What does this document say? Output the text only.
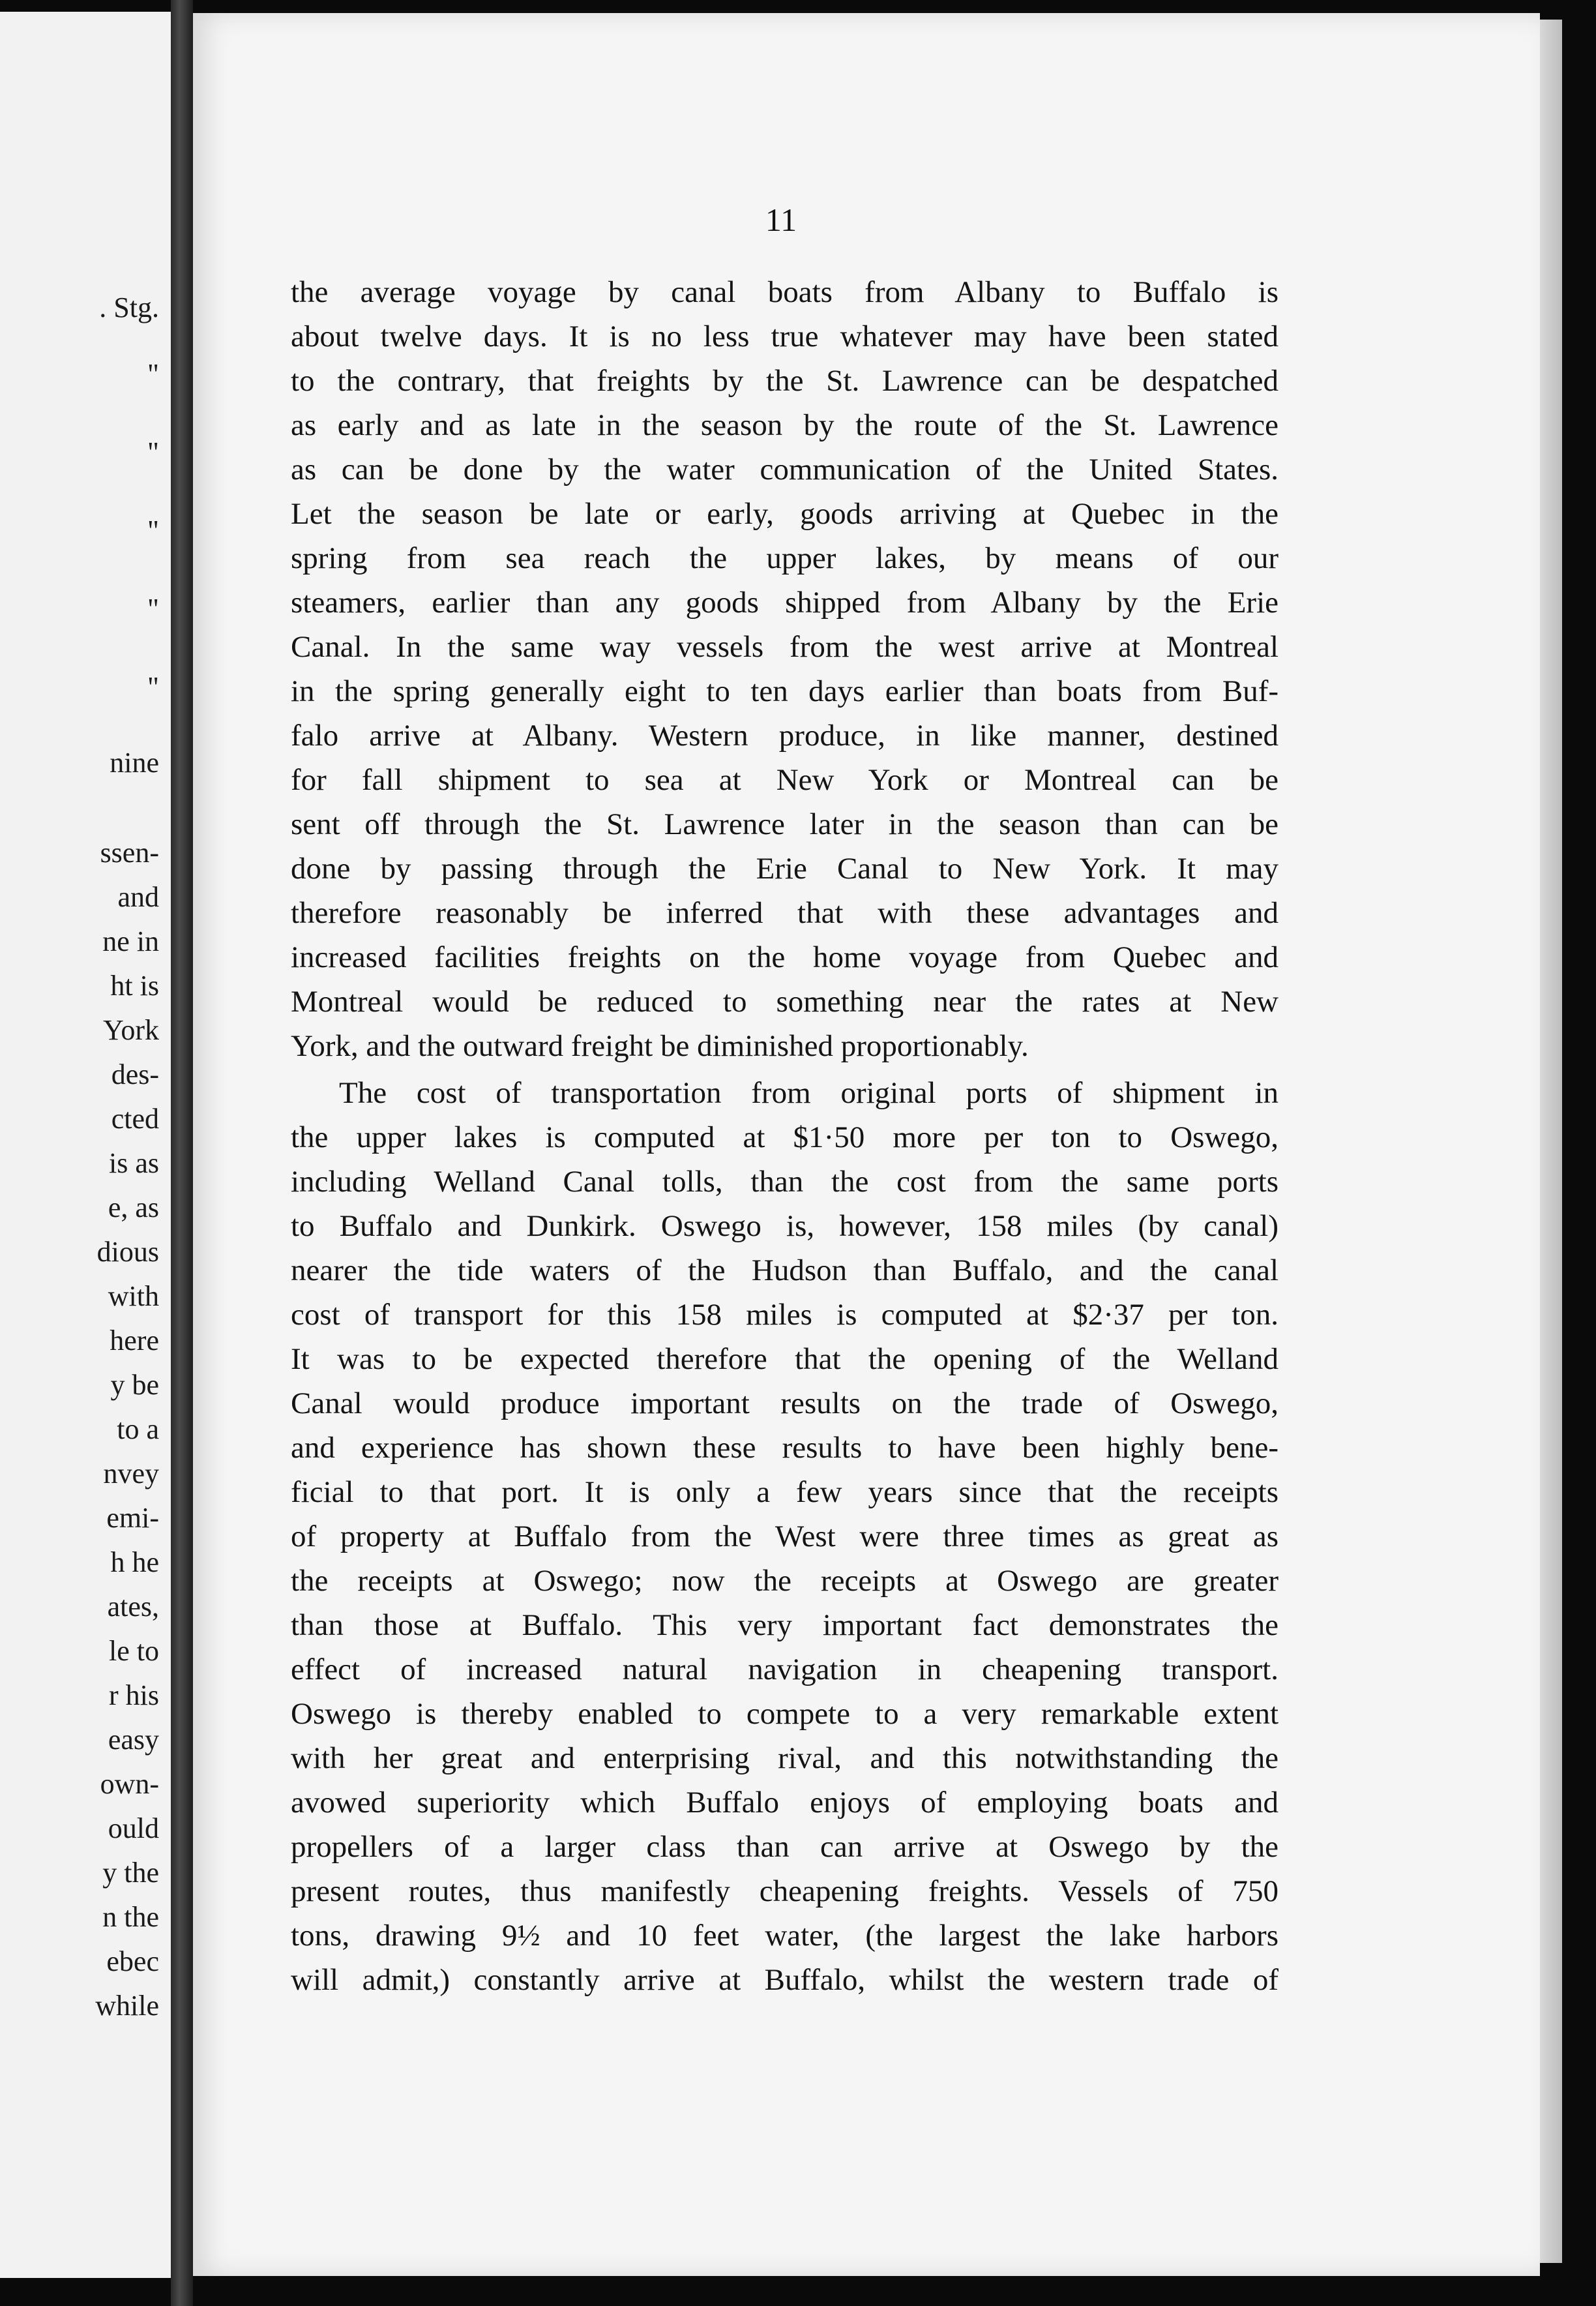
. Stg.
"
"
"
"
"
nine
ssen-
and
ne in
ht is
York
des-
cted
is as
e, as
dious
with
here
y be
to a
nvey
emi-
h he
ates,
le to
r his
easy
own-
ould
y the
n the
ebec
while
11
the average voyage by canal boats from Albany to Buffalo is
about twelve days. It is no less true whatever may have been stated
to the contrary, that freights by the St. Lawrence can be despatched
as early and as late in the season by the route of the St. Lawrence
as can be done by the water communication of the United States.
Let the season be late or early, goods arriving at Quebec in the
spring from sea reach the upper lakes, by means of our
steamers, earlier than any goods shipped from Albany by the Erie
Canal. In the same way vessels from the west arrive at Montreal
in the spring generally eight to ten days earlier than boats from Buf-
falo arrive at Albany. Western produce, in like manner, destined
for fall shipment to sea at New York or Montreal can be
sent off through the St. Lawrence later in the season than can be
done by passing through the Erie Canal to New York. It may
therefore reasonably be inferred that with these advantages and
increased facilities freights on the home voyage from Quebec and
Montreal would be reduced to something near the rates at New
York, and the outward freight be diminished proportionably.
The cost of transportation from original ports of shipment in
the upper lakes is computed at $1·50 more per ton to Oswego,
including Welland Canal tolls, than the cost from the same ports
to Buffalo and Dunkirk. Oswego is, however, 158 miles (by canal)
nearer the tide waters of the Hudson than Buffalo, and the canal
cost of transport for this 158 miles is computed at $2·37 per ton.
It was to be expected therefore that the opening of the Welland
Canal would produce important results on the trade of Oswego,
and experience has shown these results to have been highly bene-
ficial to that port. It is only a few years since that the receipts
of property at Buffalo from the West were three times as great as
the receipts at Oswego; now the receipts at Oswego are greater
than those at Buffalo. This very important fact demonstrates the
effect of increased natural navigation in cheapening transport.
Oswego is thereby enabled to compete to a very remarkable extent
with her great and enterprising rival, and this notwithstanding the
avowed superiority which Buffalo enjoys of employing boats and
propellers of a larger class than can arrive at Oswego by the
present routes, thus manifestly cheapening freights. Vessels of 750
tons, drawing 9½ and 10 feet water, (the largest the lake harbors
will admit,) constantly arrive at Buffalo, whilst the western trade of
